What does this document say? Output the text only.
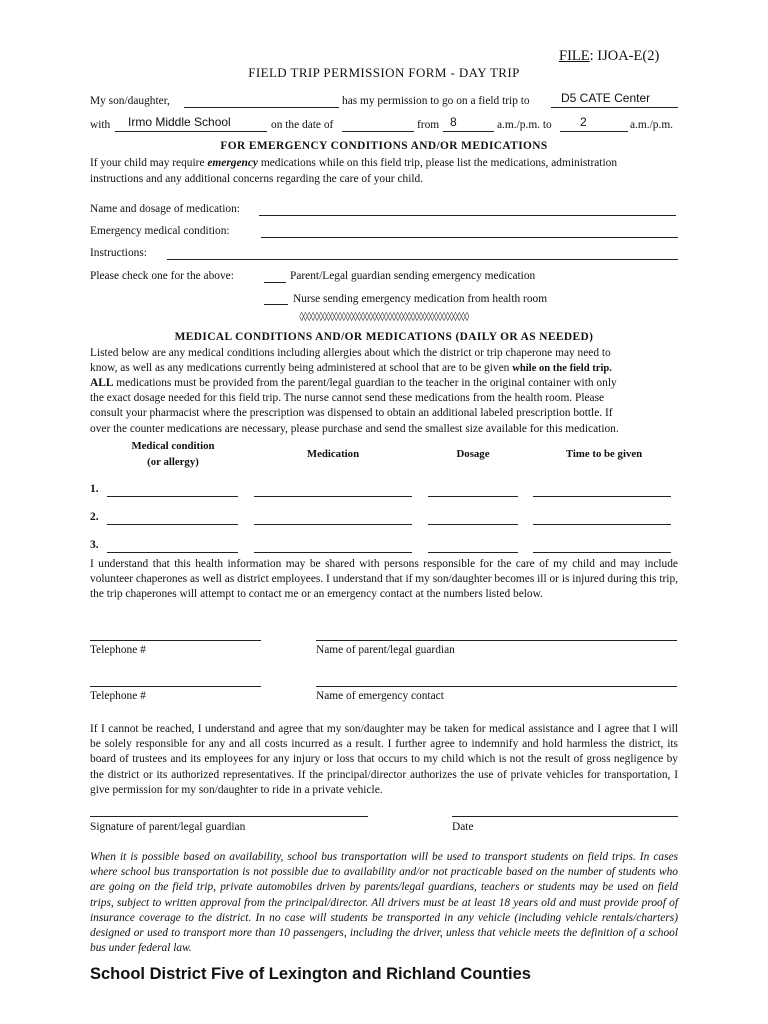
FILE: IJOA-E(2)
FIELD TRIP PERMISSION FORM - DAY TRIP
My son/daughter,	has my permission to go on a field trip to	D5 CATE Center
with Irmo Middle School	on the date of	from 8	a.m./p.m. to 2	a.m./p.m.
FOR EMERGENCY CONDITIONS AND/OR MEDICATIONS
If your child may require emergency medications while on this field trip, please list the medications, administration
instructions and any additional concerns regarding the care of your child.
Name and dosage of medication:
Emergency medical condition:
Instructions:
Please check one for the above:	Parent/Legal guardian sending emergency medication
Nurse sending emergency medication from health room
◊◊◊◊◊◊◊◊◊◊◊◊◊◊◊◊◊◊◊◊◊◊◊◊◊◊◊◊◊◊◊◊◊◊◊◊◊◊◊◊◊◊◊◊
MEDICAL CONDITIONS AND/OR MEDICATIONS (DAILY OR AS NEEDED)
Listed below are any medical conditions including allergies about which the district or trip chaperone may need to
know, as well as any medications currently being administered at school that are to be given while on the field trip.
ALL medications must be provided from the parent/legal guardian to the teacher in the original container with only
the exact dosage needed for this field trip. The nurse cannot send these medications from the health room. Please
consult your pharmacist where the prescription was dispensed to obtain an additional labeled prescription bottle. If
over the counter medications are necessary, please purchase and send the smallest size available for this medication.
Medical condition
(or allergy)
Medication	Dosage	Time to be given
1.
2.
3.
I understand that this health information may be shared with persons responsible for the care of my child and may include volunteer chaperones as well as district employees. I understand that if my son/daughter becomes ill or is injured during this trip, the trip chaperones will attempt to contact me or an emergency contact at the numbers listed below.
Telephone #	Name of parent/legal guardian
Telephone #	Name of emergency contact
If I cannot be reached, I understand and agree that my son/daughter may be taken for medical assistance and I agree that I will be solely responsible for any and all costs incurred as a result. I further agree to indemnify and hold harmless the district, its board of trustees and its employees for any injury or loss that occurs to my child which is not the result of gross negligence by the district or its authorized representatives. If the principal/director authorizes the use of private vehicles for transportation, I give permission for my son/daughter to ride in a private vehicle.
Signature of parent/legal guardian	Date
When it is possible based on availability, school bus transportation will be used to transport students on field trips. In cases where school bus transportation is not possible due to availability and/or not practicable based on the number of students who are going on the field trip, private automobiles driven by parents/legal guardians, teachers or students may be used on field trips, subject to written approval from the principal/director. All drivers must be at least 18 years old and must provide proof of insurance coverage to the district. In no case will students be transported in any vehicle (including vehicle rentals/charters) designed or used to transport more than 10 passengers, including the driver, unless that vehicle meets the definition of a school bus under federal law.
School District Five of Lexington and Richland Counties
